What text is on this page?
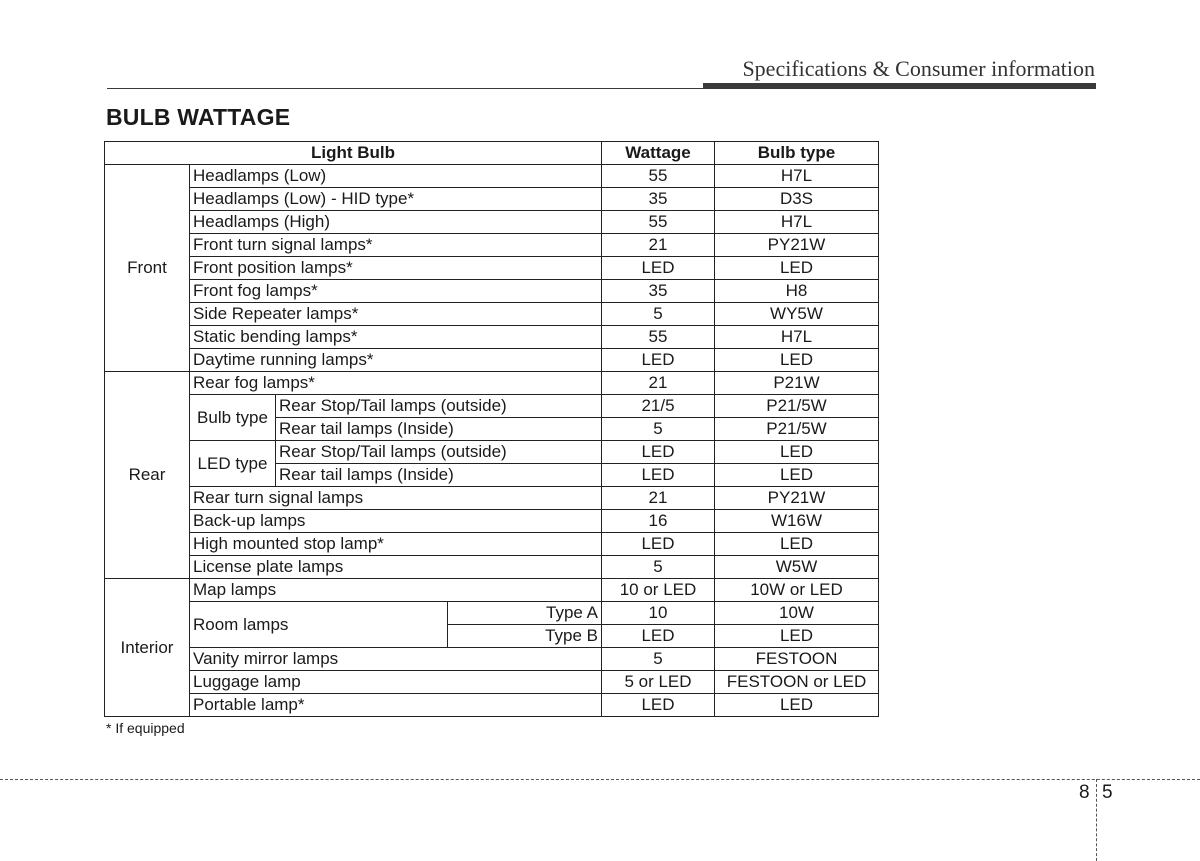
Specifications & Consumer information
BULB WATTAGE
Light Bulb				Wattage	Bulb type
Front	Headlamps (Low)			55	H7L
	Headlamps (Low) - HID type*			35	D3S
	Headlamps (High)			55	H7L
	Front turn signal lamps*			21	PY21W
	Front position lamps*			LED	LED
	Front fog lamps*			35	H8
	Side Repeater lamps*			5	WY5W
	Static bending lamps*			55	H7L
	Daytime running lamps*			LED	LED
Rear	Rear fog lamps*			21	P21W
	Bulb type	Rear Stop/Tail lamps (outside)		21/5	P21/5W
		Rear tail lamps (Inside)		5	P21/5W
	LED type	Rear Stop/Tail lamps (outside)		LED	LED
		Rear tail lamps (Inside)		LED	LED
	Rear turn signal lamps			21	PY21W
	Back-up lamps			16	W16W
	High mounted stop lamp*			LED	LED
	License plate lamps			5	W5W
Interior	Map lamps			10 or LED	10W or LED
	Room lamps		Type A	10	10W
			Type B	LED	LED
	Vanity mirror lamps			5	FESTOON
	Luggage lamp			5 or LED	FESTOON or LED
	Portable lamp*			LED	LED
* If equipped
8 5
